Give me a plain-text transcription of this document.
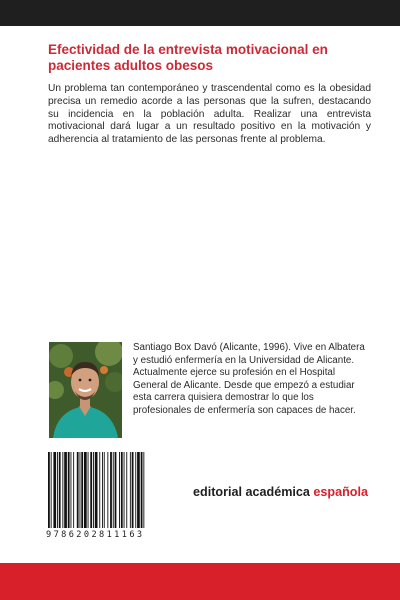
Efectividad de la entrevista motivacional en
pacientes adultos obesos
Un problema tan contemporáneo y trascendental como es la obesidad precisa un remedio acorde a las personas que la sufren, destacando su incidencia en la población adulta. Realizar una entrevista motivacional dará lugar a un resultado positivo en la motivación y adherencia al tratamiento de las personas frente al problema.
Santiago Box Davó (Alicante, 1996). Vive en Albatera y estudió enfermería en la Universidad de Alicante. Actualmente ejerce su profesión en el Hospital General de Alicante. Desde que empezó a estudiar esta carrera quisiera demostrar lo que los profesionales de enfermería son capaces de hacer.
9786202811163
editorial académica española
